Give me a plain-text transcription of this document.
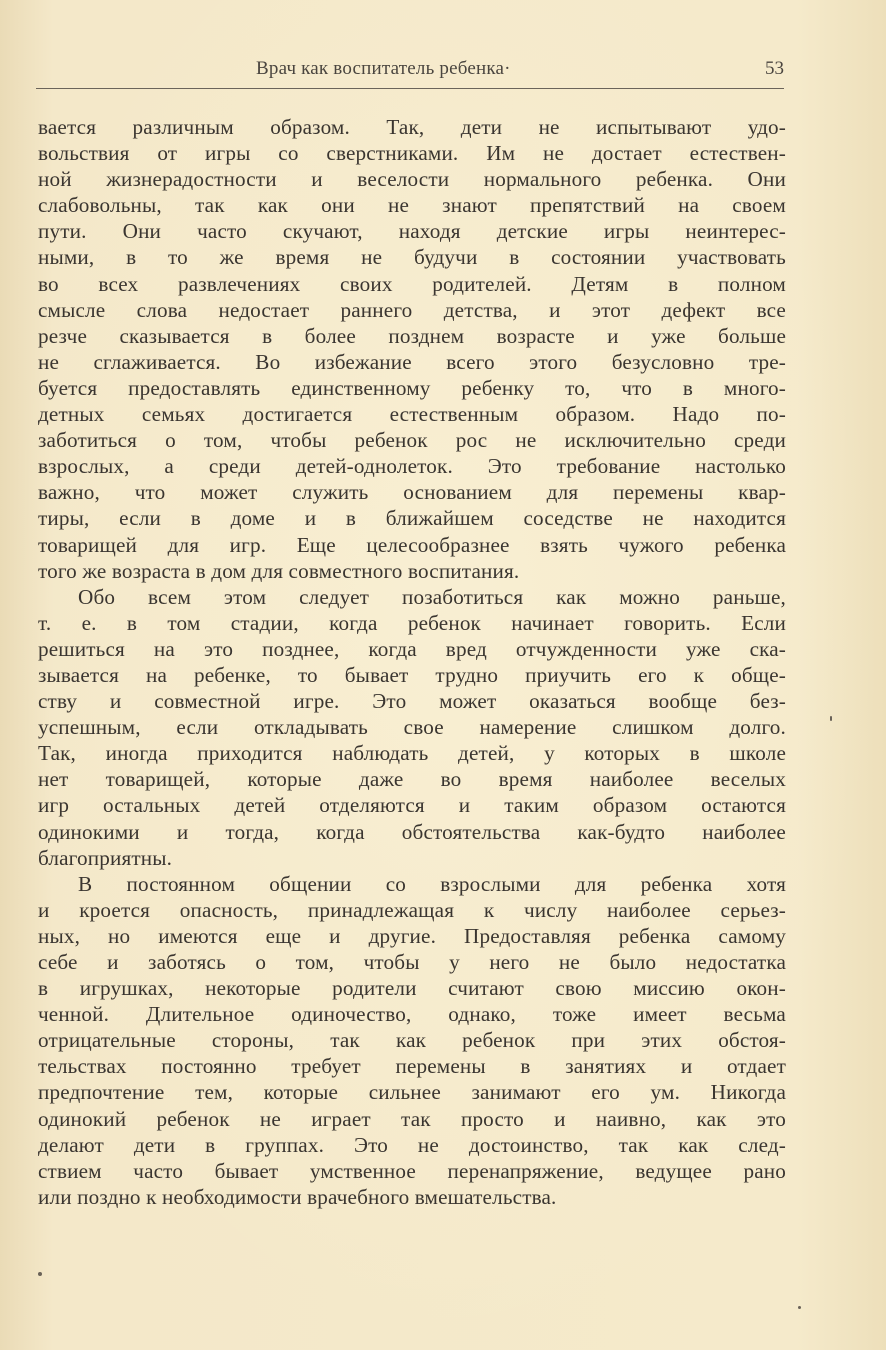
Врач как воспитатель ребенка·	53
вается различным образом. Так, дети не испытывают удо-
вольствия от игры со сверстниками. Им не достает естествен-
ной жизнерадостности и веселости нормального ребенка. Они
слабовольны, так как они не знают препятствий на своем
пути. Они часто скучают, находя детские игры неинтерес-
ными, в то же время не будучи в состоянии участвовать
во всех развлечениях своих родителей. Детям в полном
смысле слова недостает раннего детства, и этот дефект все
резче сказывается в более позднем возрасте и уже больше
не сглаживается. Во избежание всего этого безусловно тре-
буется предоставлять единственному ребенку то, что в много-
детных семьях достигается естественным образом. Надо по-
заботиться о том, чтобы ребенок рос не исключительно среди
взрослых, а среди детей-однолеток. Это требование настолько
важно, что может служить основанием для перемены квар-
тиры, если в доме и в ближайшем соседстве не находится
товарищей для игр. Еще целесообразнее взять чужого ребенка
того же возраста в дом для совместного воспитания.
Обо всем этом следует позаботиться как можно раньше,
т. е. в том стадии, когда ребенок начинает говорить. Если
решиться на это позднее, когда вред отчужденности уже ска-
зывается на ребенке, то бывает трудно приучить его к обще-
ству и совместной игре. Это может оказаться вообще без-
успешным, если откладывать свое намерение слишком долго.
Так, иногда приходится наблюдать детей, у которых в школе
нет товарищей, которые даже во время наиболее веселых
игр остальных детей отделяются и таким образом остаются
одинокими и тогда, когда обстоятельства как-будто наиболее
благоприятны.
В постоянном общении со взрослыми для ребенка хотя
и кроется опасность, принадлежащая к числу наиболее серьез-
ных, но имеются еще и другие. Предоставляя ребенка самому
себе и заботясь о том, чтобы у него не было недостатка
в игрушках, некоторые родители считают свою миссию окон-
ченной. Длительное одиночество, однако, тоже имеет весьма
отрицательные стороны, так как ребенок при этих обстоя-
тельствах постоянно требует перемены в занятиях и отдает
предпочтение тем, которые сильнее занимают его ум. Никогда
одинокий ребенок не играет так просто и наивно, как это
делают дети в группах. Это не достоинство, так как след-
ствием часто бывает умственное перенапряжение, ведущее рано
или поздно к необходимости врачебного вмешательства.
